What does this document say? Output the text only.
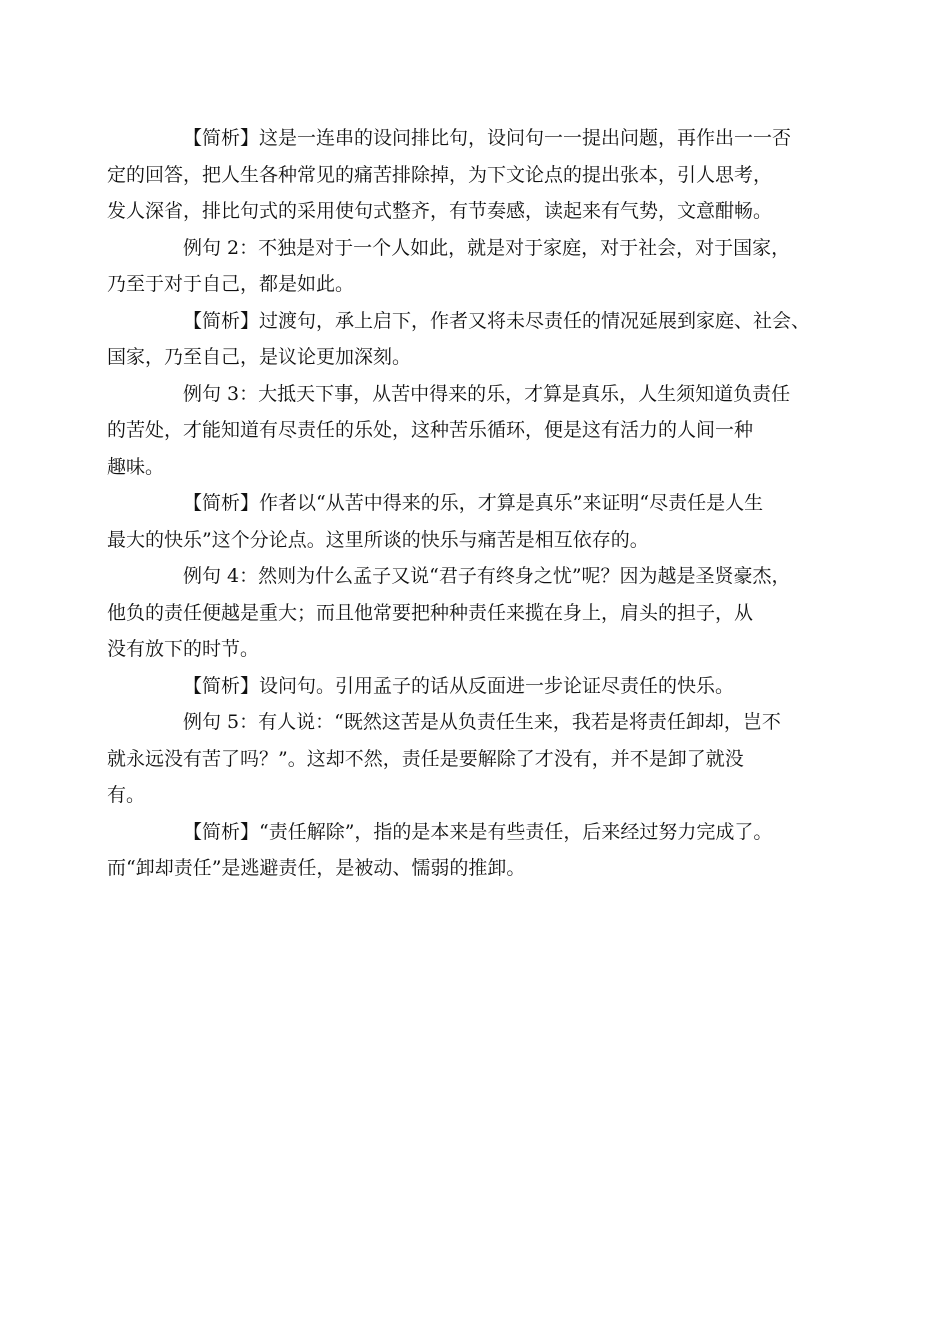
【简析】这是一连串的设问排比句，设问句一一提出问题，再作出一一否
定的回答，把人生各种常见的痛苦排除掉，为下文论点的提出张本，引人思考，
发人深省，排比句式的采用使句式整齐，有节奏感，读起来有气势，文意酣畅。

例句 2：不独是对于一个人如此，就是对于家庭，对于社会，对于国家，
乃至于对于自己，都是如此。

【简析】过渡句，承上启下，作者又将未尽责任的情况延展到家庭、社会、
国家，乃至自己，是议论更加深刻。

例句 3：大抵天下事，从苦中得来的乐，才算是真乐，人生须知道负责任
的苦处，才能知道有尽责任的乐处，这种苦乐循环，便是这有活力的人间一种
趣味。

【简析】作者以“从苦中得来的乐，才算是真乐”来证明“尽责任是人生
最大的快乐”这个分论点。这里所谈的快乐与痛苦是相互依存的。

例句 4：然则为什么孟子又说“君子有终身之忧”呢？因为越是圣贤豪杰，
他负的责任便越是重大；而且他常要把种种责任来揽在身上，肩头的担子，从
没有放下的时节。

【简析】设问句。引用孟子的话从反面进一步论证尽责任的快乐。

例句 5：有人说：“既然这苦是从负责任生来，我若是将责任卸却，岂不
就永远没有苦了吗？”。这却不然，责任是要解除了才没有，并不是卸了就没
有。

【简析】“责任解除”，指的是本来是有些责任，后来经过努力完成了。
而“卸却责任”是逃避责任，是被动、懦弱的推卸。
